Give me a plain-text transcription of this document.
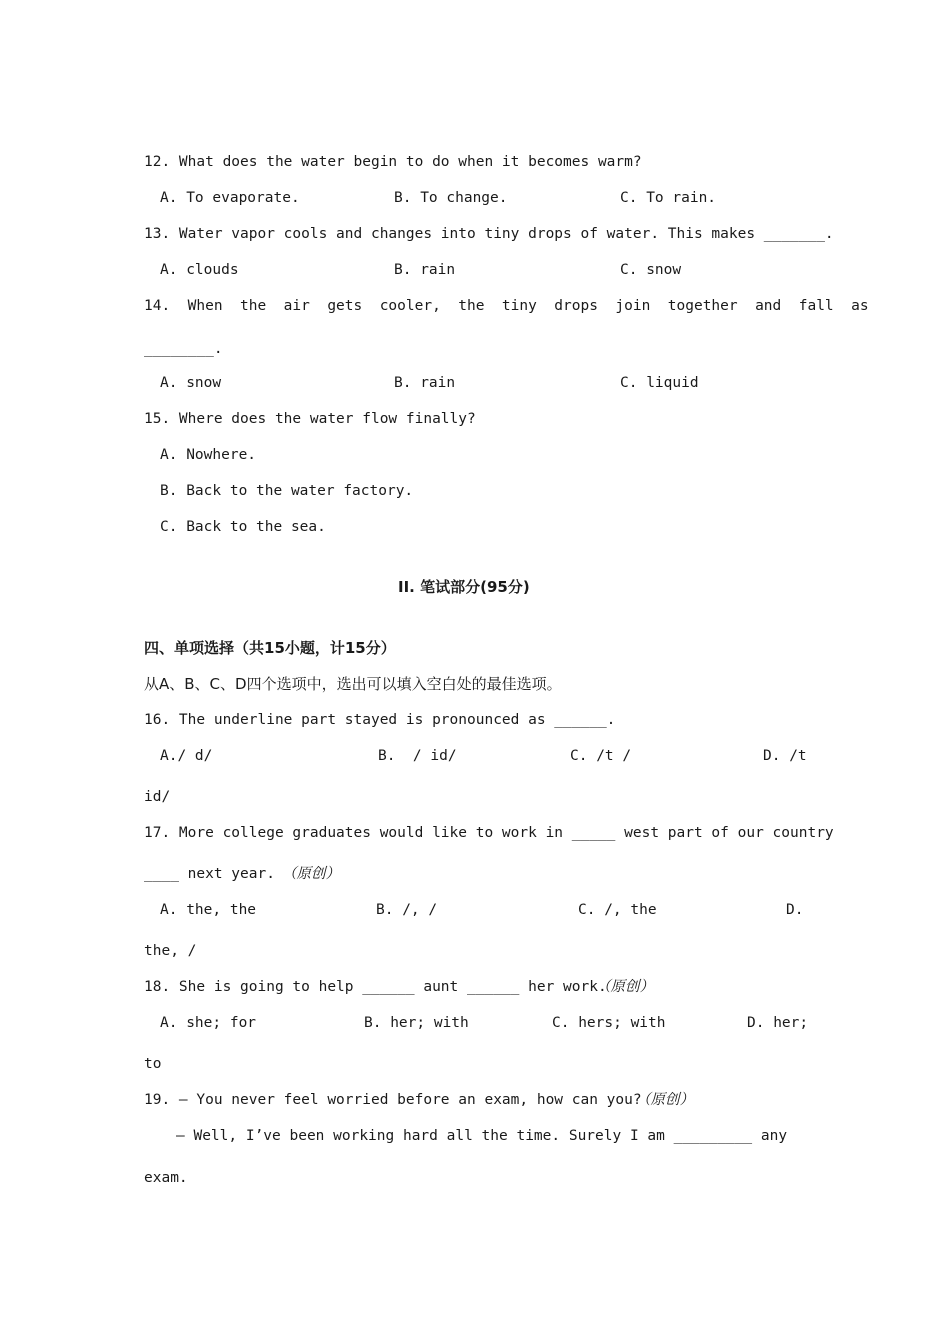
12. What does the water begin to do when it becomes warm?
A. To evaporate.	B. To change.	C. To rain.
13. Water vapor cools and changes into tiny drops of water. This makes _______.
A. clouds	B. rain	C. snow
14.  When  the  air  gets  cooler,  the  tiny  drops  join  together  and  fall  as
________.
A. snow	B. rain	C. liquid
15. Where does the water flow finally?
A. Nowhere.
B. Back to the water factory.
C. Back to the sea.
II. 笔试部分(95分)
四、单项选择（共15小题，计15分）
从A、B、C、D四个选项中，选出可以填入空白处的最佳选项。
16. The underline part stayed is pronounced as ______.
A./ d/	B.  / id/	C. /t /	D. /t
id/
17. More college graduates would like to work in _____ west part of our country
____ next year. （原创）
A. the, the	B. /, /	C. /, the	D.
the, /
18. She is going to help ______ aunt ______ her work.
（原创）
A. she; for	B. her; with	C. hers; with	D. her;
to
19. — You never feel worried before an exam, how can you?
（原创）
— Well, I’ve been working hard all the time. Surely I am _________ any
exam.
